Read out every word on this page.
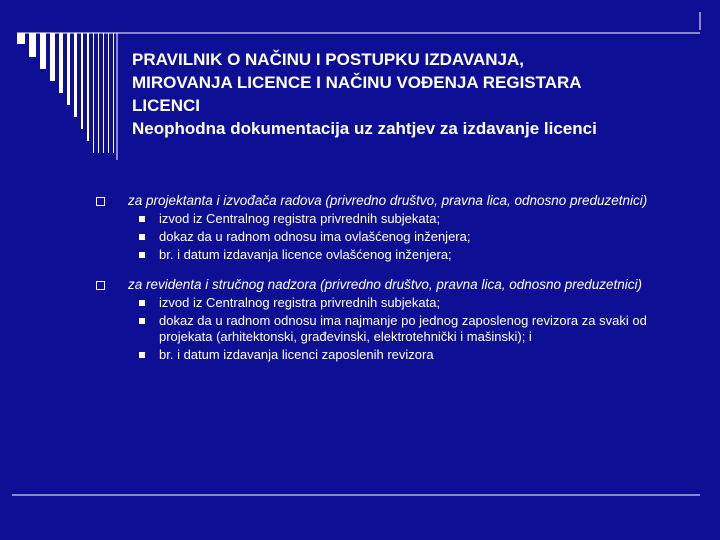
PRAVILNIK O NAČINU I POSTUPKU IZDAVANJA,
MIROVANJA LICENCE I NAČINU VOĐENJA REGISTARA
LICENCI
Neophodna dokumentacija uz zahtjev za izdavanje licenci
za projektanta i izvođača radova (privredno društvo, pravna lica, odnosno preduzetnici)
izvod iz Centralnog registra privrednih subjekata;
dokaz da u radnom odnosu ima ovlašćenog inženjera;
br. i datum izdavanja licence ovlašćenog inženjera;
za revidenta i stručnog nadzora (privredno društvo, pravna lica, odnosno preduzetnici)
izvod iz Centralnog registra privrednih subjekata;
dokaz da u radnom odnosu ima najmanje po jednog zaposlenog revizora za svaki od projekata (arhitektonski, građevinski, elektrotehnički i mašinski); i
br. i datum izdavanja licenci zaposlenih revizora
